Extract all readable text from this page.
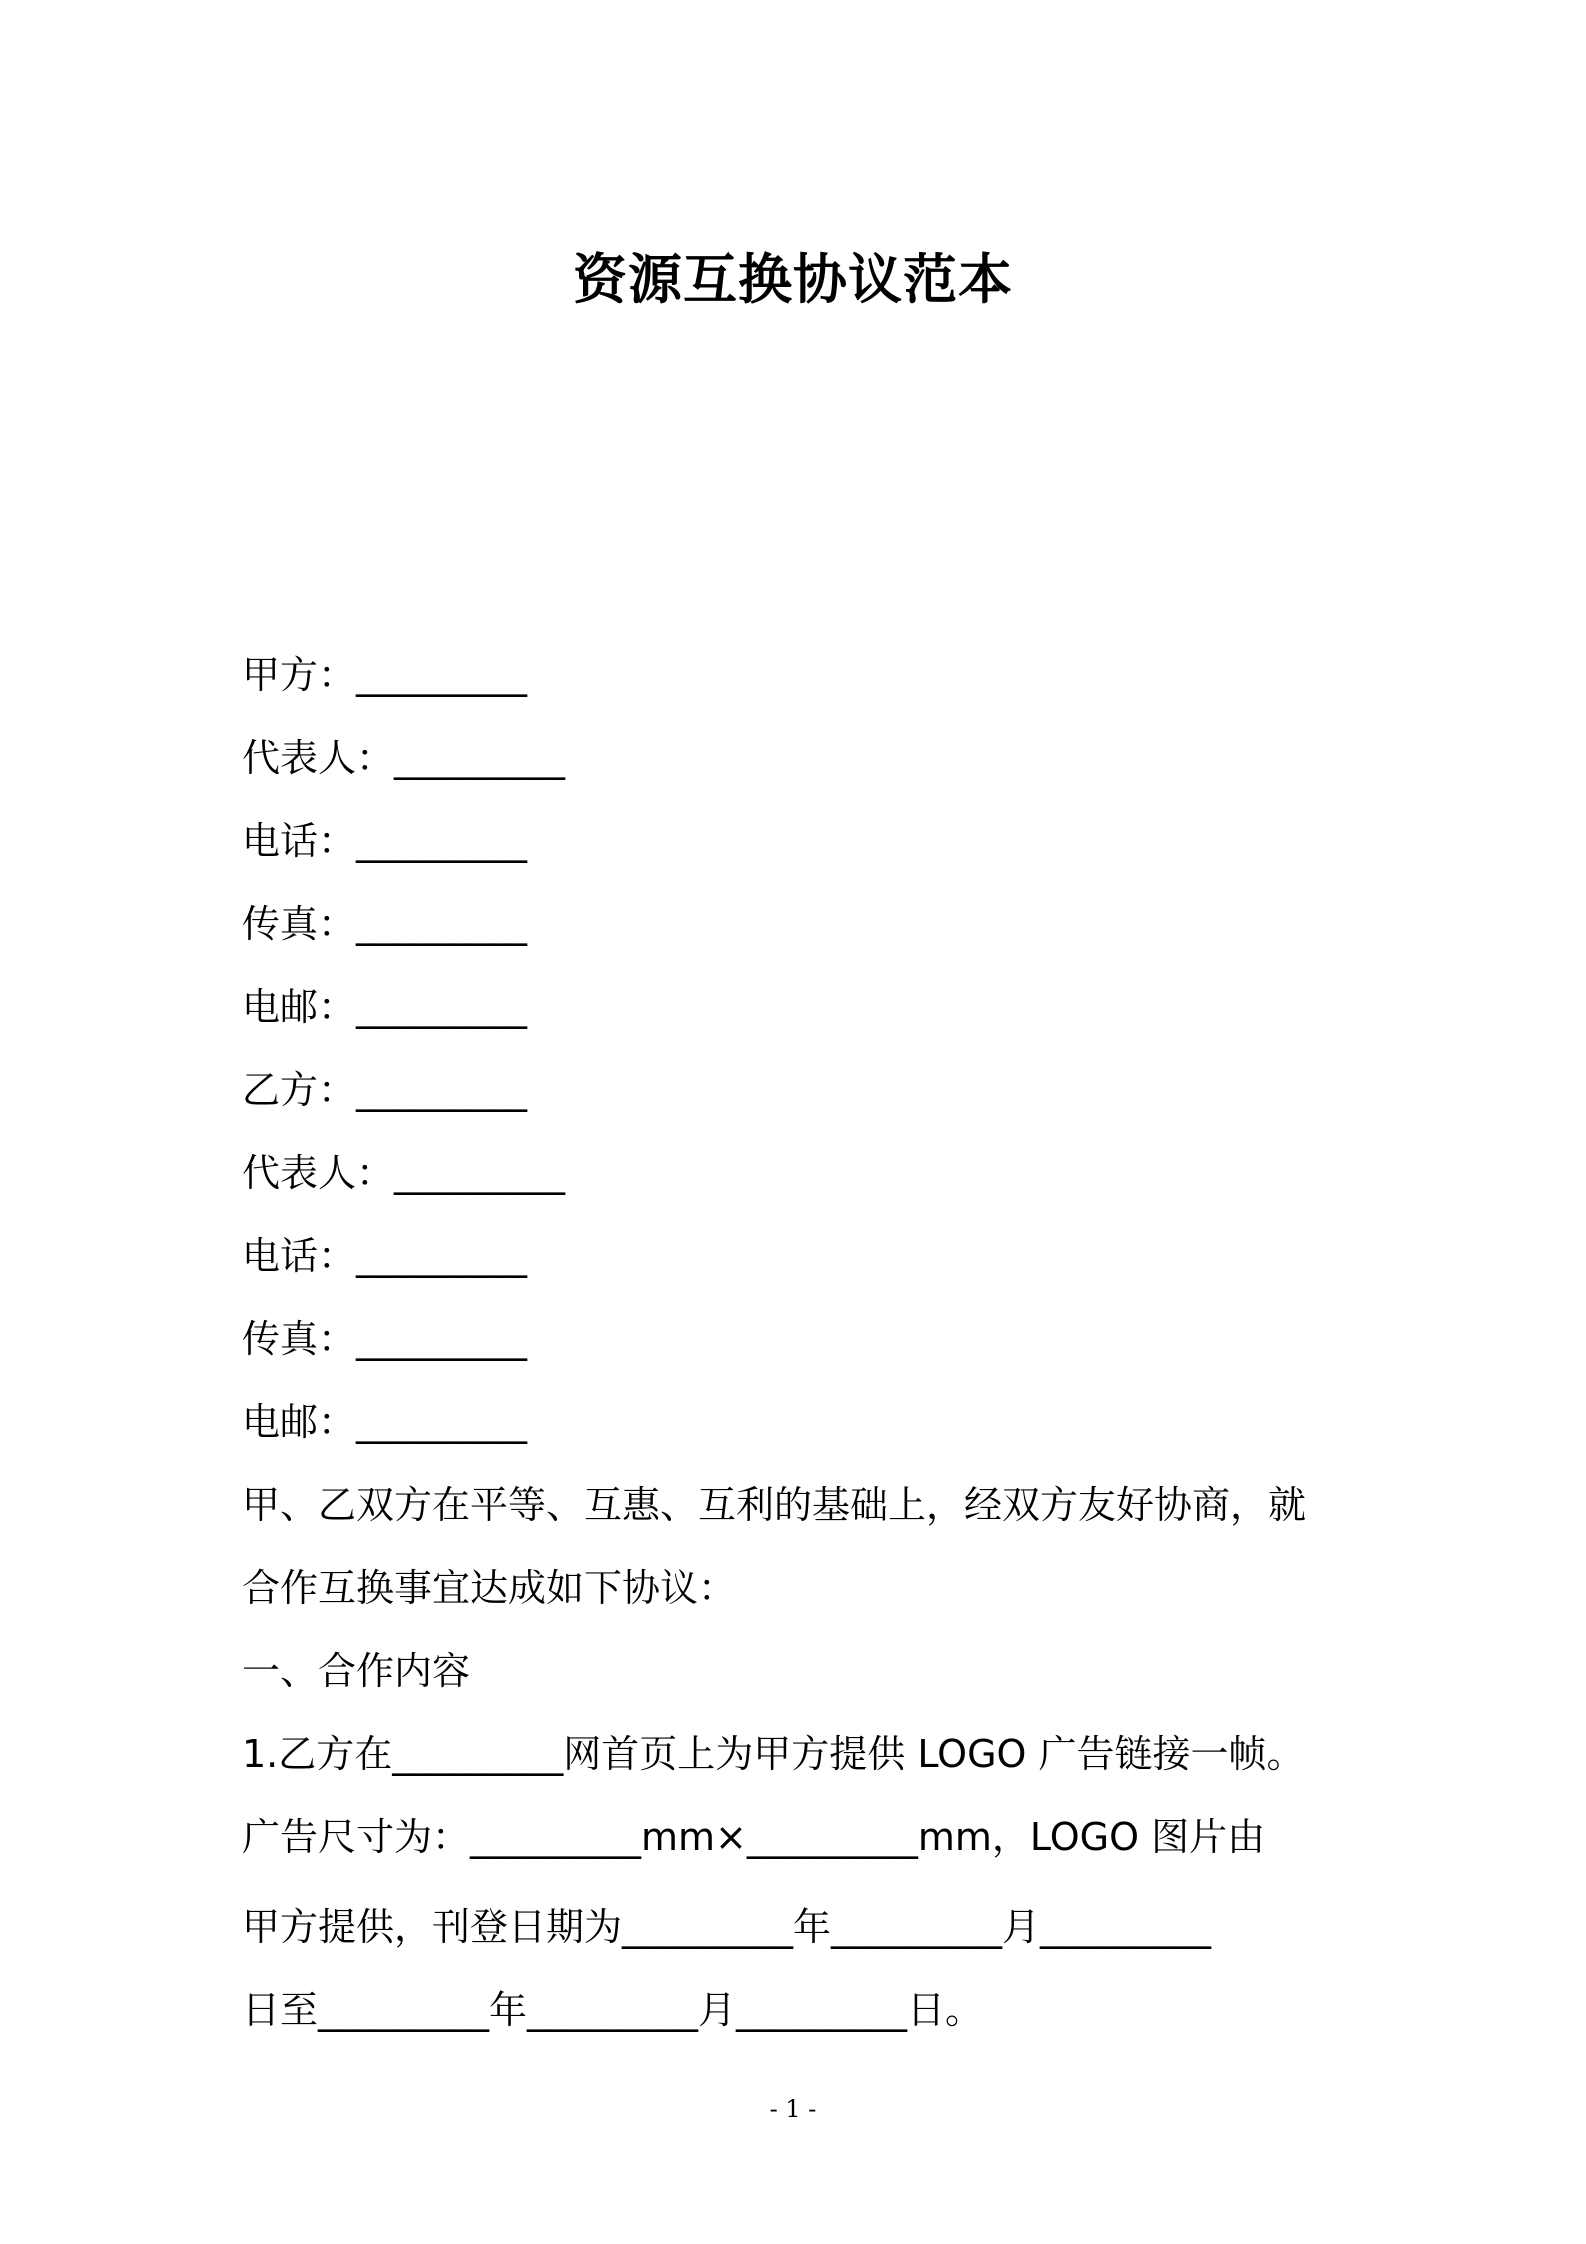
资源互换协议范本
甲方：_________
代表人：_________
电话：_________
传真：_________
电邮：_________
乙方：_________
代表人：_________
电话：_________
传真：_________
电邮：_________
甲、乙双方在平等、互惠、互利的基础上，经双方友好协商，就
合作互换事宜达成如下协议：
一、合作内容
1.乙方在_________网首页上为甲方提供 LOGO 广告链接一帧。
广告尺寸为：_________mm×_________mm，LOGO 图片由
甲方提供，刊登日期为_________年_________月_________
日至_________年_________月_________日。
- 1 -
